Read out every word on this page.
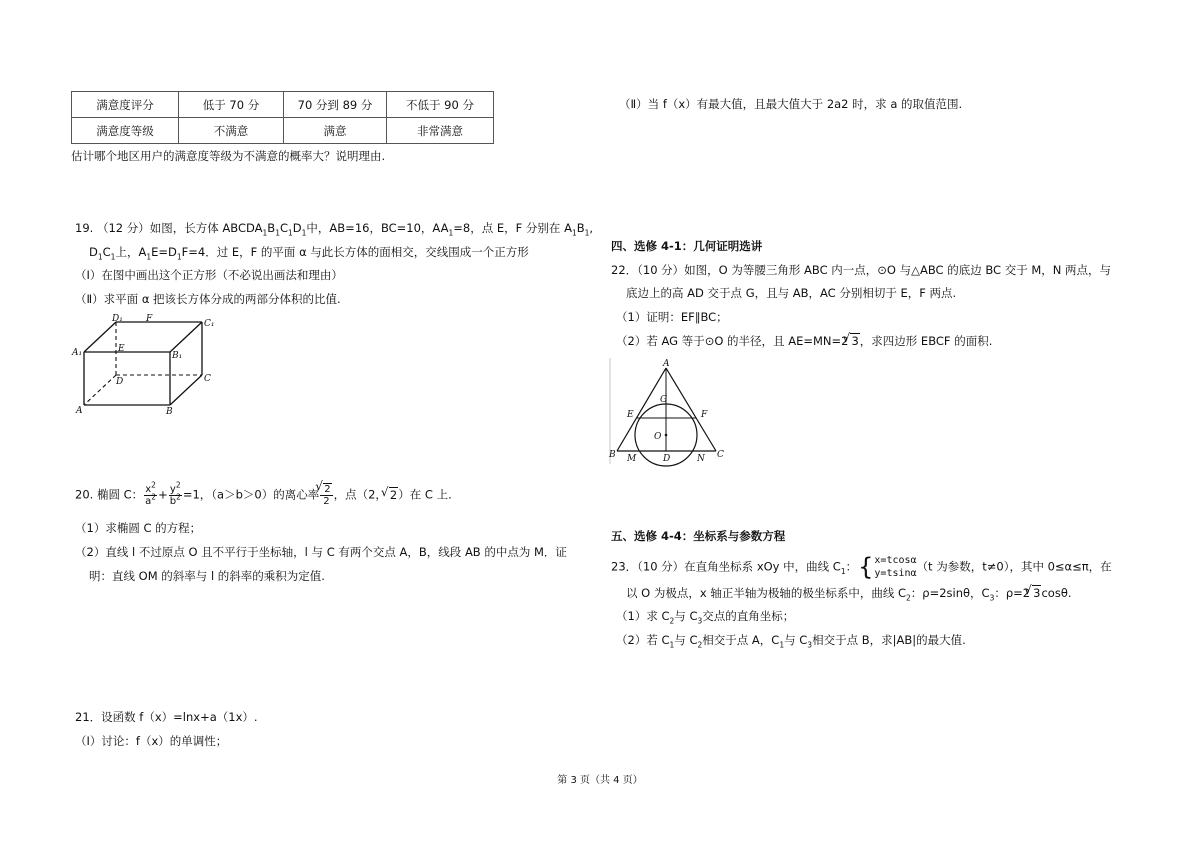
满意度评分	低于 70 分	70 分到 89 分	不低于 90 分
满意度等级	不满意	满意	非常满意
估计哪个地区用户的满意度等级为不满意的概率大？说明理由.
19. （12 分）如图，长方体 $ABCDA_1B_1C_1D_1$中，AB=16，BC=10，$AA_1=8$，点 E，F 分别在 $A_1B_1$,
$D_1C_1$上，$A_1E=D_1F=4$．过 E，F 的平面 α 与此长方体的面相交，交线围成一个正方形
（Ⅰ）在图中画出这个正方形（不必说出画法和理由）
（Ⅱ）求平面 α 把该长方体分成的两部分体积的比值.
D₁	F	C₁
A₁	E
B₁
D	C
A	B
20. 椭圆 C： $\frac{x^2}{a^2} + \frac{y^2}{b^2} =1$，（a＞b＞0）的离心率 √ $\frac{2}{2}$ ，点（2， √ 2）在 C 上.
（1）求椭圆 C 的方程；
（2）直线 l 不过原点 O 且不平行于坐标轴，l 与 C 有两个交点 A，B，线段 AB 的中点为 M．证
明：直线 OM 的斜率与 l 的斜率的乘积为定值.
21．设函数 f（x）=lnx+a（1x）.
（Ⅰ）讨论：f（x）的单调性；
（Ⅱ）当 f（x）有最大值，且最大值大于 2a2 时，求 a 的取值范围.
四、选修 4-1：几何证明选讲
22．（10 分）如图，O 为等腰三角形 ABC 内一点，⊙O 与△ABC 的底边 BC 交于 M，N 两点，与
底边上的高 AD 交于点 G，且与 AB，AC 分别相切于 E，F 两点.
（1）证明：EF∥BC；
（2）若 AG 等于⊙O 的半径，且 AE=MN=2 √ 3，求四边形 EBCF 的面积.
A
G
E	F
O
B M	D	N C
五、选修 4-4：坐标系与参数方程
23．（10 分）在直角坐标系 xOy 中，曲线 $C_1$：{ x=tcosα
y=tsinα （t 为参数，t≠0），其中 0≤α≤π，在
以 O 为极点，x 轴正半轴为极轴的极坐标系中，曲线 $C_2$：ρ=2sinθ，$C_3$：ρ=2 √ 3cosθ.
（1）求 $C_2$与 $C_3$交点的直角坐标；
（2）若 $C_1$与 $C_2$相交于点 A，$C_1$与 $C_3$相交于点 B，求|AB|的最大值.
第 3 页（共 4 页）
